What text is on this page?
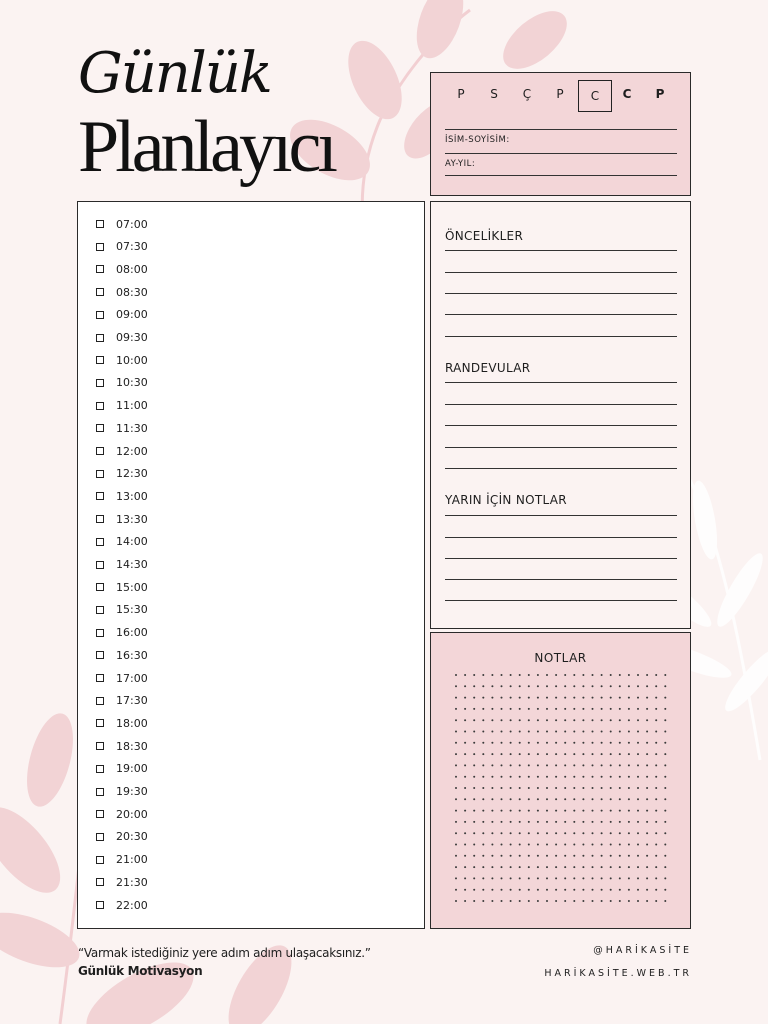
Günlük
Planlayıcı
P	S	Ç	P	C	C	P
İSİM-SOYİSİM:
AY-YIL:
07:00
07:30
08:00
08:30
09:00
09:30
10:00
10:30
11:00
11:30
12:00
12:30
13:00
13:30
14:00
14:30
15:00
15:30
16:00
16:30
17:00
17:30
18:00
18:30
19:00
19:30
20:00
20:30
21:00
21:30
22:00
ÖNCELİKLER
RANDEVULAR
YARIN İÇİN NOTLAR
NOTLAR
“Varmak istediğiniz yere adım adım ulaşacaksınız.”
Günlük Motivasyon
@HARİKASİTE
HARİKASİTE.WEB.TR
